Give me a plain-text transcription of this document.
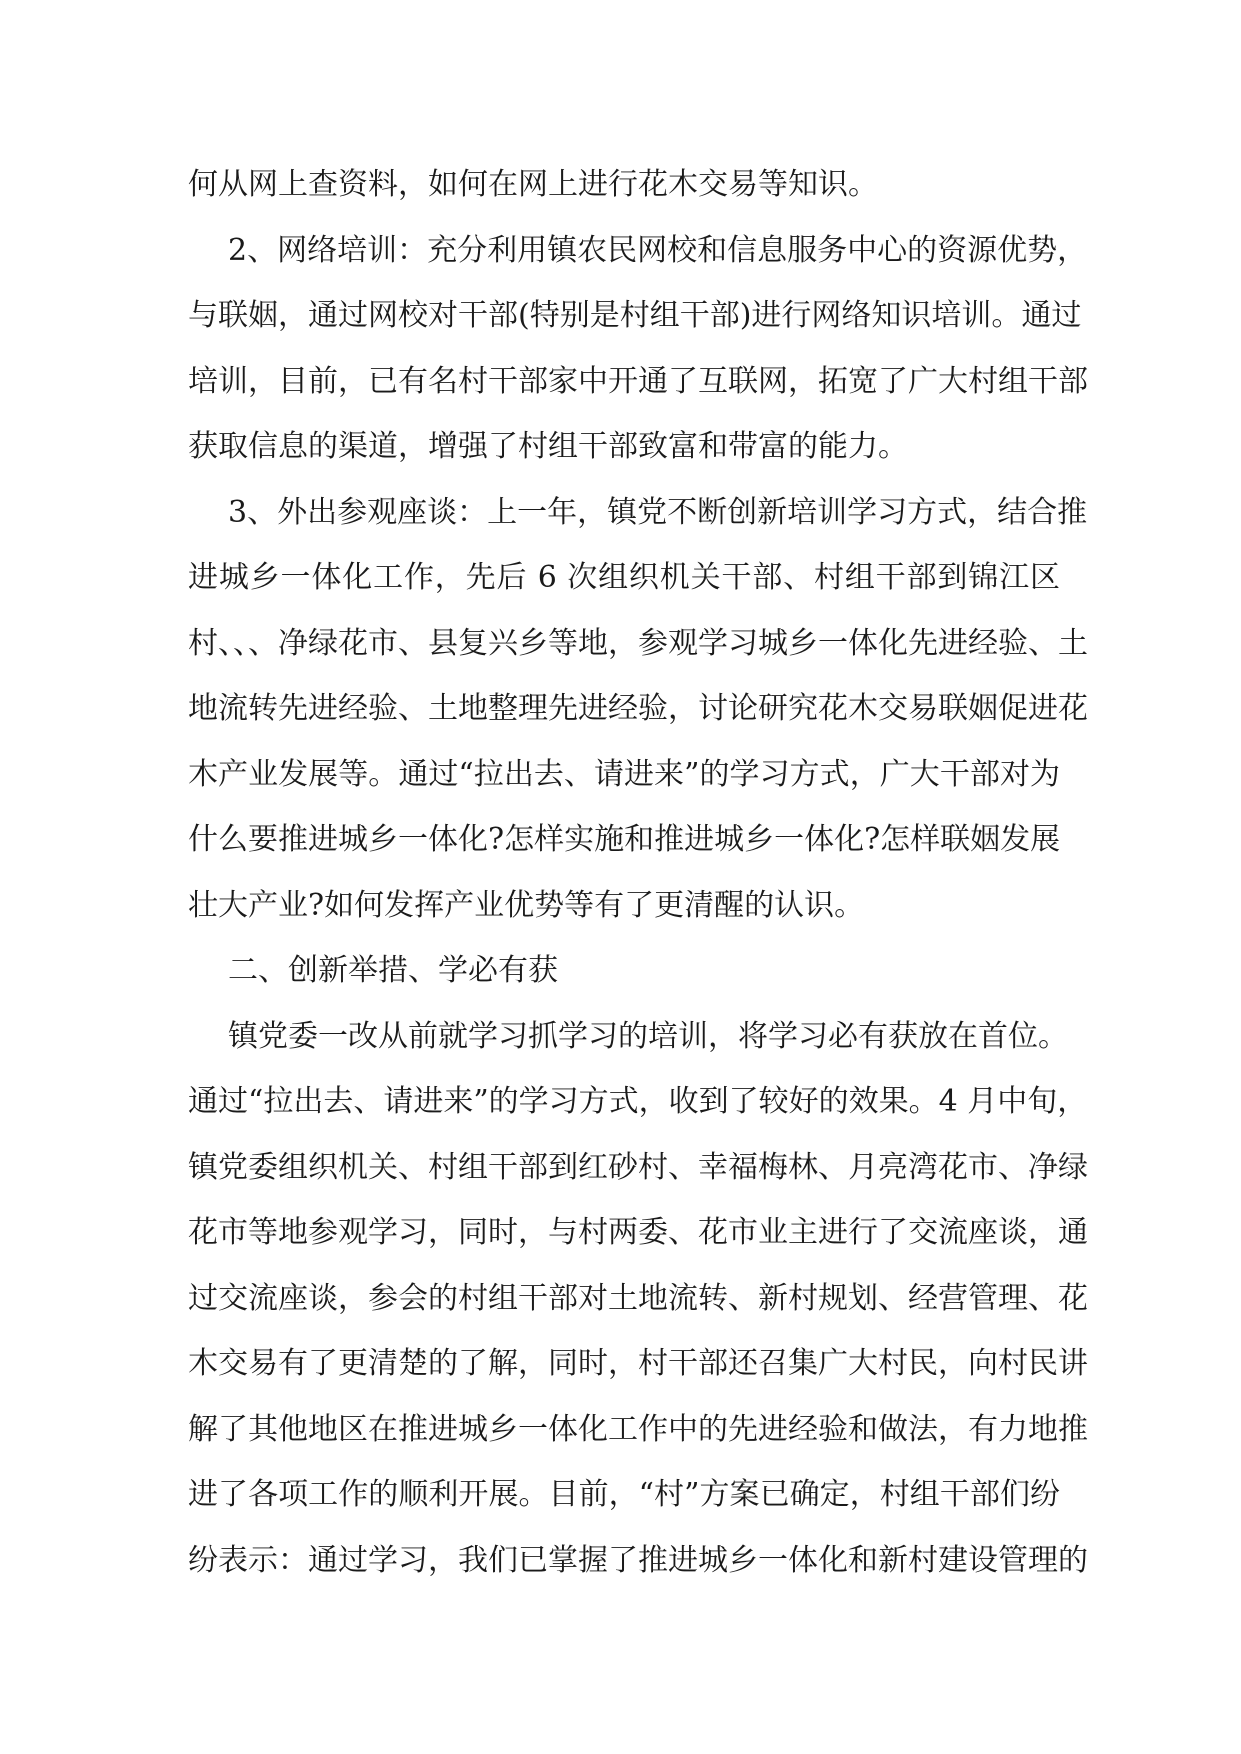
何从网上查资料，如何在网上进行花木交易等知识。
2、网络培训：充分利用镇农民网校和信息服务中心的资源优势，
与联姻，通过网校对干部(特别是村组干部)进行网络知识培训。通过
培训，目前，已有名村干部家中开通了互联网，拓宽了广大村组干部
获取信息的渠道，增强了村组干部致富和带富的能力。
3、外出参观座谈：上一年，镇党不断创新培训学习方式，结合推
进城乡一体化工作，先后 6 次组织机关干部、村组干部到锦江区
村、、、净绿花市、县复兴乡等地，参观学习城乡一体化先进经验、土
地流转先进经验、土地整理先进经验，讨论研究花木交易联姻促进花
木产业发展等。通过“拉出去、请进来”的学习方式，广大干部对为
什么要推进城乡一体化?怎样实施和推进城乡一体化?怎样联姻发展
壮大产业?如何发挥产业优势等有了更清醒的认识。
二、创新举措、学必有获
镇党委一改从前就学习抓学习的培训，将学习必有获放在首位。
通过“拉出去、请进来”的学习方式，收到了较好的效果。4 月中旬，
镇党委组织机关、村组干部到红砂村、幸福梅林、月亮湾花市、净绿
花市等地参观学习，同时，与村两委、花市业主进行了交流座谈，通
过交流座谈，参会的村组干部对土地流转、新村规划、经营管理、花
木交易有了更清楚的了解，同时，村干部还召集广大村民，向村民讲
解了其他地区在推进城乡一体化工作中的先进经验和做法，有力地推
进了各项工作的顺利开展。目前，“村”方案已确定，村组干部们纷
纷表示：通过学习，我们已掌握了推进城乡一体化和新村建设管理的
